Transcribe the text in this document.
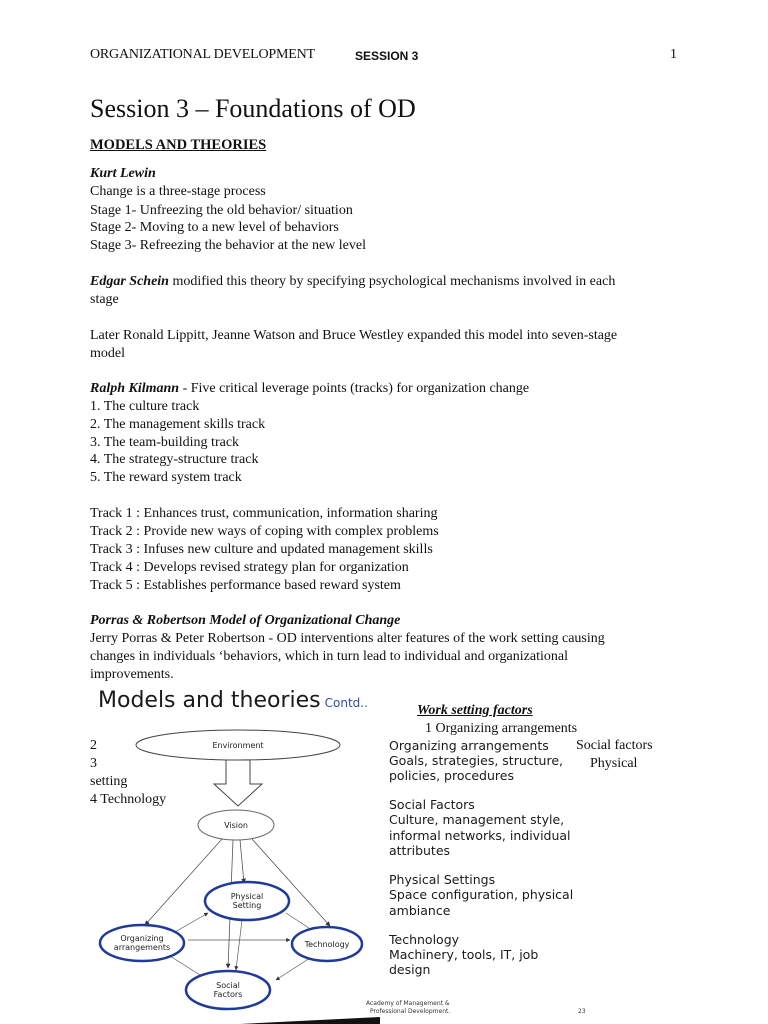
ORGANIZATIONAL DEVELOPMENT	SESSION 3	1
Session 3 – Foundations of OD
MODELS AND THEORIES
Kurt Lewin
Change is a three-stage process
Stage 1- Unfreezing the old behavior/ situation
Stage 2- Moving to a new level of behaviors
Stage 3- Refreezing the behavior at the new level
Edgar Schein modified this theory by specifying psychological mechanisms involved in each
stage
Later Ronald Lippitt, Jeanne Watson and Bruce Westley expanded this model into seven-stage
model
Ralph Kilmann - Five critical leverage points (tracks) for organization change
1. The culture track
2. The management skills track
3. The team-building track
4. The strategy-structure track
5. The reward system track
Track 1 : Enhances trust, communication, information sharing
Track 2 : Provide new ways of coping with complex problems
Track 3 : Infuses new culture and updated management skills
Track 4 : Develops revised strategy plan for organization
Track 5 : Establishes performance based reward system
Porras & Robertson Model of Organizational Change
Jerry Porras & Peter Robertson - OD interventions alter features of the work setting causing
changes in individuals ‘behaviors, which in turn lead to individual and organizational
improvements.
Models and theories Contd..
Environment
Vision
Physical
Setting
Organizing
arrangements	Technology
Social
Factors
Organizing arrangements
Goals, strategies, structure,
policies, procedures
Social Factors
Culture, management style,
informal networks, individual
attributes
Physical Settings
Space configuration, physical
ambiance
Technology
Machinery, tools, IT, job
design
Academy of Management &
Professional Development.	23
Work setting factors
1 Organizing arrangements
Social factors
Physical
2
3
setting
4 Technology
